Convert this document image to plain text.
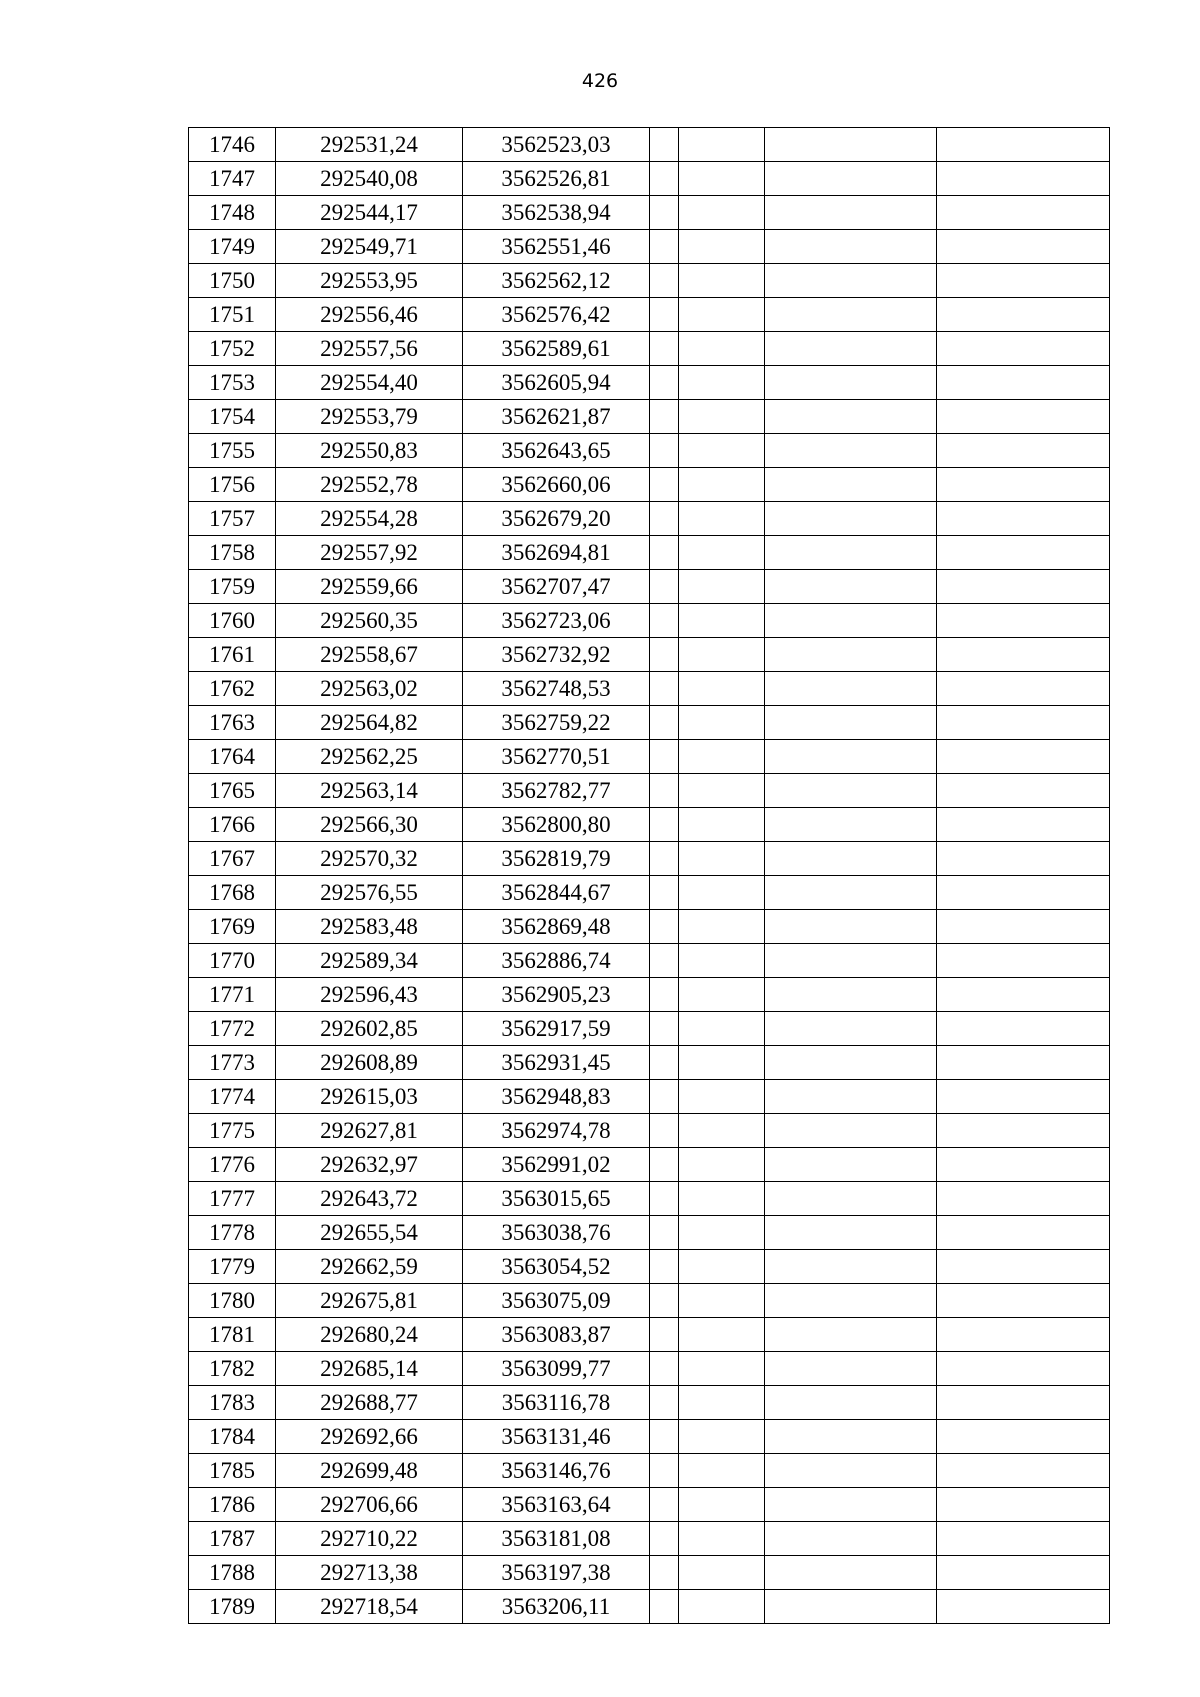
426
1746	292531,24	3562523,03				
1747	292540,08	3562526,81				
1748	292544,17	3562538,94				
1749	292549,71	3562551,46				
1750	292553,95	3562562,12				
1751	292556,46	3562576,42				
1752	292557,56	3562589,61				
1753	292554,40	3562605,94				
1754	292553,79	3562621,87				
1755	292550,83	3562643,65				
1756	292552,78	3562660,06				
1757	292554,28	3562679,20				
1758	292557,92	3562694,81				
1759	292559,66	3562707,47				
1760	292560,35	3562723,06				
1761	292558,67	3562732,92				
1762	292563,02	3562748,53				
1763	292564,82	3562759,22				
1764	292562,25	3562770,51				
1765	292563,14	3562782,77				
1766	292566,30	3562800,80				
1767	292570,32	3562819,79				
1768	292576,55	3562844,67				
1769	292583,48	3562869,48				
1770	292589,34	3562886,74				
1771	292596,43	3562905,23				
1772	292602,85	3562917,59				
1773	292608,89	3562931,45				
1774	292615,03	3562948,83				
1775	292627,81	3562974,78				
1776	292632,97	3562991,02				
1777	292643,72	3563015,65				
1778	292655,54	3563038,76				
1779	292662,59	3563054,52				
1780	292675,81	3563075,09				
1781	292680,24	3563083,87				
1782	292685,14	3563099,77				
1783	292688,77	3563116,78				
1784	292692,66	3563131,46				
1785	292699,48	3563146,76				
1786	292706,66	3563163,64				
1787	292710,22	3563181,08				
1788	292713,38	3563197,38				
1789	292718,54	3563206,11				
